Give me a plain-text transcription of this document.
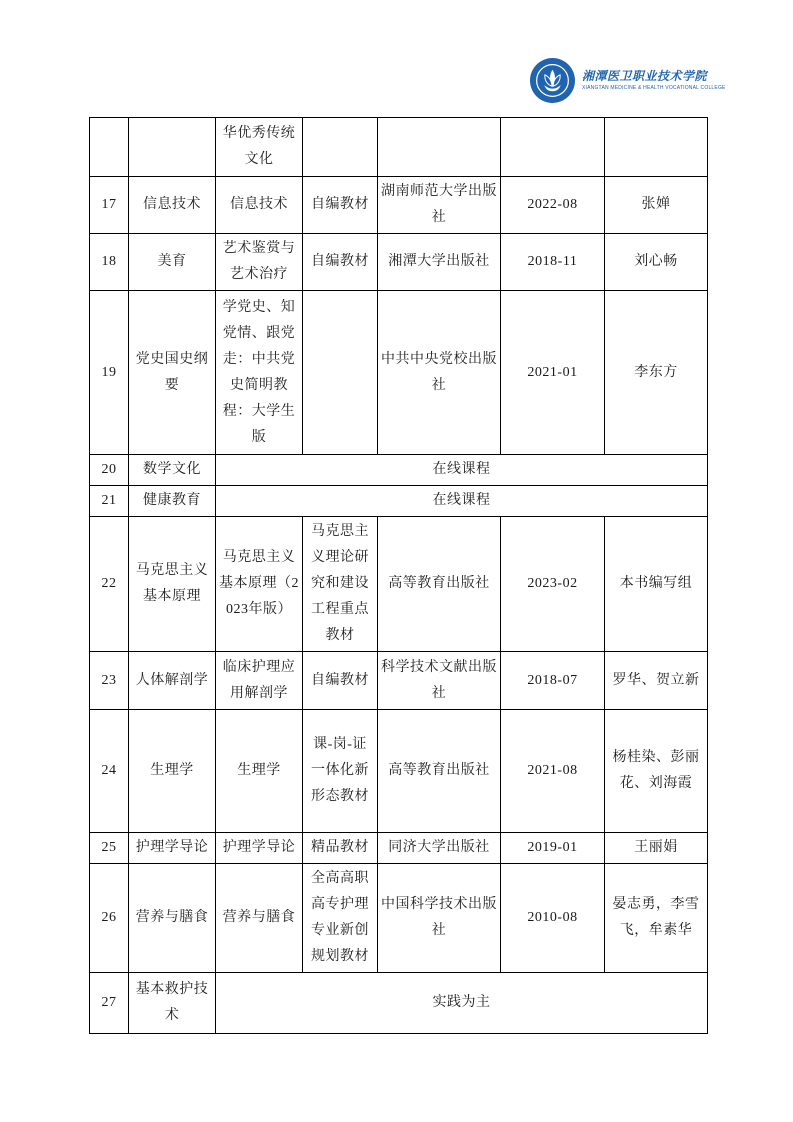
湘潭医卫职业技术学院
XIANGTAN MEDICINE & HEALTH VOCATIONAL COLLEGE
		华优秀传统文化				
17	信息技术	信息技术	自编教材	湖南师范大学出版社	2022-08	张婵
18	美育	艺术鉴赏与艺术治疗	自编教材	湘潭大学出版社	2018-11	刘心畅
19	党史国史纲要	学党史、知党情、跟党走：中共党史简明教程：大学生版		中共中央党校出版社	2021-01	李东方
20	数学文化	在线课程				
21	健康教育	在线课程				
22	马克思主义基本原理	马克思主义基本原理（2023年版）	马克思主义理论研究和建设工程重点教材	高等教育出版社	2023-02	本书编写组
23	人体解剖学	临床护理应用解剖学	自编教材	科学技术文献出版社	2018-07	罗华、贺立新
24	生理学	生理学	课-岗-证一体化新形态教材	高等教育出版社	2021-08	杨桂染、彭丽花、刘海霞
25	护理学导论	护理学导论	精品教材	同济大学出版社	2019-01	王丽娟
26	营养与膳食	营养与膳食	全高高职高专护理专业新创规划教材	中国科学技术出版社	2010-08	晏志勇，李雪飞，牟素华
27	基本救护技术	实践为主				
